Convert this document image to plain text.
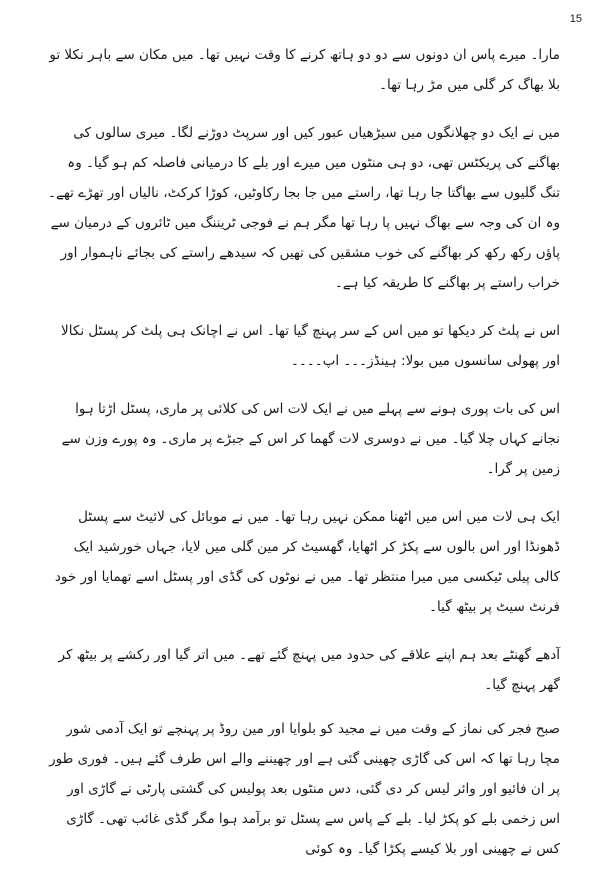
15

مارا۔ میرے پاس ان دونوں سے دو دو ہاتھ کرنے کا وقت نہیں تھا۔ میں مکان سے باہر نکلا تو بلا بھاگ کر گلی میں مڑ رہا تھا۔

میں نے ایک دو چھلانگوں میں سیڑھیاں عبور کیں اور سرپٹ دوڑنے لگا۔ میری سالوں کی بھاگنے کی پریکٹس تھی، دو ہی منٹوں میں میرے اور بلے کا درمیانی فاصلہ کم ہو گیا۔ وہ تنگ گلیوں سے بھاگتا جا رہا تھا، راستے میں جا بجا رکاوٹیں، کوڑا کرکٹ، نالیاں اور تھڑے تھے۔ وہ ان کی وجہ سے بھاگ نہیں پا رہا تھا مگر ہم نے فوجی ٹریننگ میں ٹائروں کے درمیان سے پاؤں رکھ رکھ کر بھاگنے کی خوب مشقیں کی تھیں کہ سیدھے راستے کی بجائے ناہموار اور خراب راستے پر بھاگنے کا طریقہ کیا ہے۔

اس نے پلٹ کر دیکھا تو میں اس کے سر پہنچ گیا تھا۔ اس نے اچانک ہی پلٹ کر پسٹل نکالا اور پھولی سانسوں میں بولا: ہینڈز۔۔۔ اپ۔۔۔۔

اس کی بات پوری ہونے سے پہلے میں نے ایک لات اس کی کلائی پر ماری، پسٹل اڑتا ہوا نجانے کہاں چلا گیا۔ میں نے دوسری لات گھما کر اس کے جبڑے پر ماری۔ وہ پورے وزن سے زمین پر گرا۔

ایک ہی لات میں اس میں اٹھنا ممکن نہیں رہا تھا۔ میں نے موبائل کی لائیٹ سے پسٹل ڈھونڈا اور اس بالوں سے پکڑ کر اٹھایا، گھسیٹ کر مین گلی میں لایا، جہاں خورشید ایک کالی پیلی ٹیکسی میں میرا منتظر تھا۔ میں نے نوٹوں کی گڈی اور پسٹل اسے تھمایا اور خود فرنٹ سیٹ پر بیٹھ گیا۔

آدھے گھنٹے بعد ہم اپنے علاقے کی حدود میں پہنچ گئے تھے۔ میں اتر گیا اور رکشے پر بیٹھ کر گھر پہنچ گیا۔

صبح فجر کی نماز کے وقت میں نے مجید کو بلوایا اور مین روڈ پر پہنچے تو ایک آدمی شور مچا رہا تھا کہ اس کی گاڑی چھینی گئی ہے اور چھیننے والے اس طرف گئے ہیں۔ فوری طور پر ان فائیو اور وائر لیس کر دی گئی، دس منٹوں بعد پولیس کی گشتی پارٹی نے گاڑی اور اس زخمی بلے کو پکڑ لیا۔ بلے کے پاس سے پسٹل تو برآمد ہوا مگر گڈی غائب تھی۔ گاڑی کس نے چھینی اور بلا کیسے پکڑا گیا۔ وہ کوئی
